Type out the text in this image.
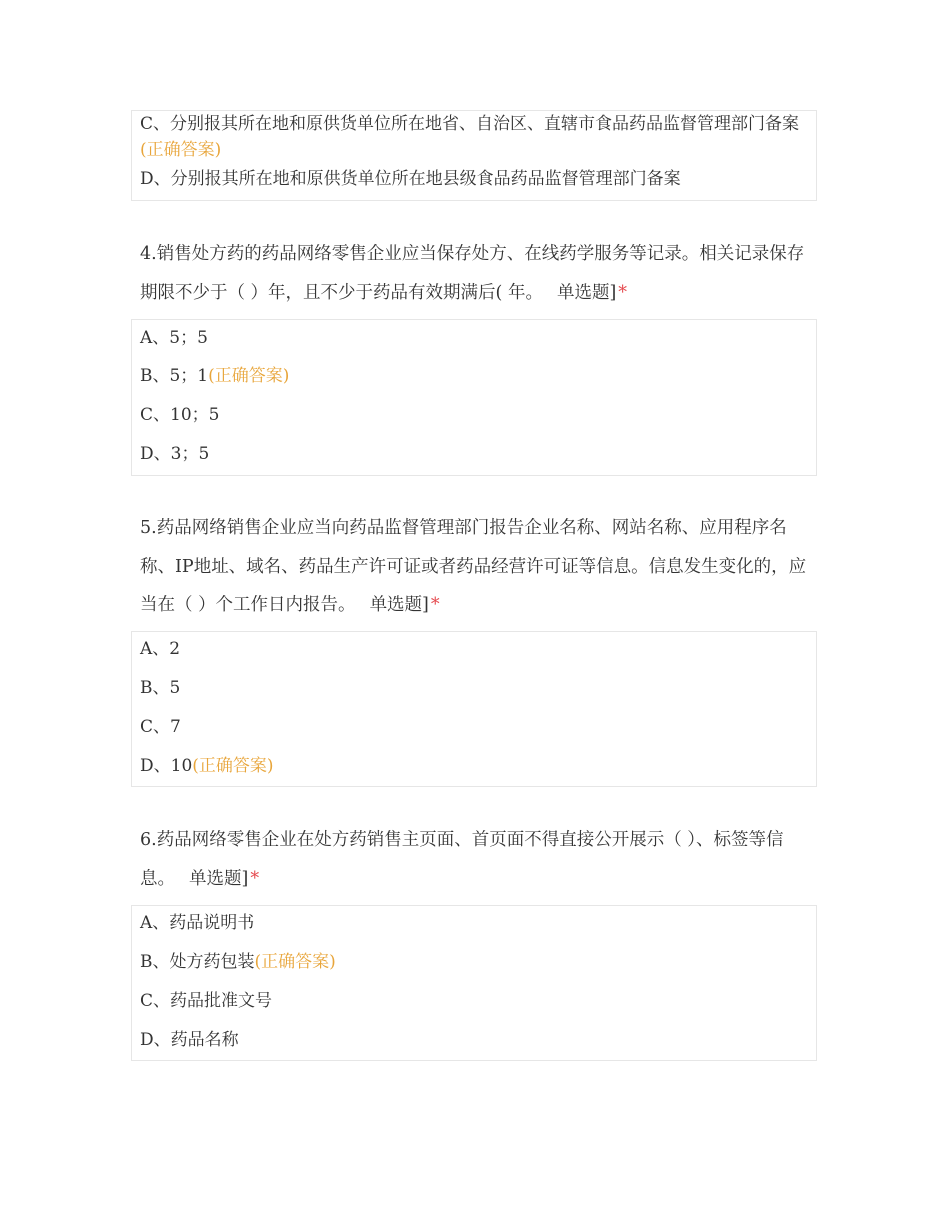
C、分别报其所在地和原供货单位所在地省、自治区、直辖市食品药品监督管理部门备案(正确答案)
D、分别报其所在地和原供货单位所在地县级食品药品监督管理部门备案
4.销售处方药的药品网络零售企业应当保存处方、在线药学服务等记录。相关记录保存期限不少于（ ）年，且不少于药品有效期满后( 年。 单选题] *
A、5；5
B、5；1(正确答案)
C、10；5
D、3；5
5.药品网络销售企业应当向药品监督管理部门报告企业名称、网站名称、应用程序名称、IP地址、域名、药品生产许可证或者药品经营许可证等信息。信息发生变化的，应当在（ ）个工作日内报告。 单选题] *
A、2
B、5
C、7
D、10(正确答案)
6.药品网络零售企业在处方药销售主页面、首页面不得直接公开展示（ ）、标签等信息。 单选题] *
A、药品说明书
B、处方药包装(正确答案)
C、药品批准文号
D、药品名称
